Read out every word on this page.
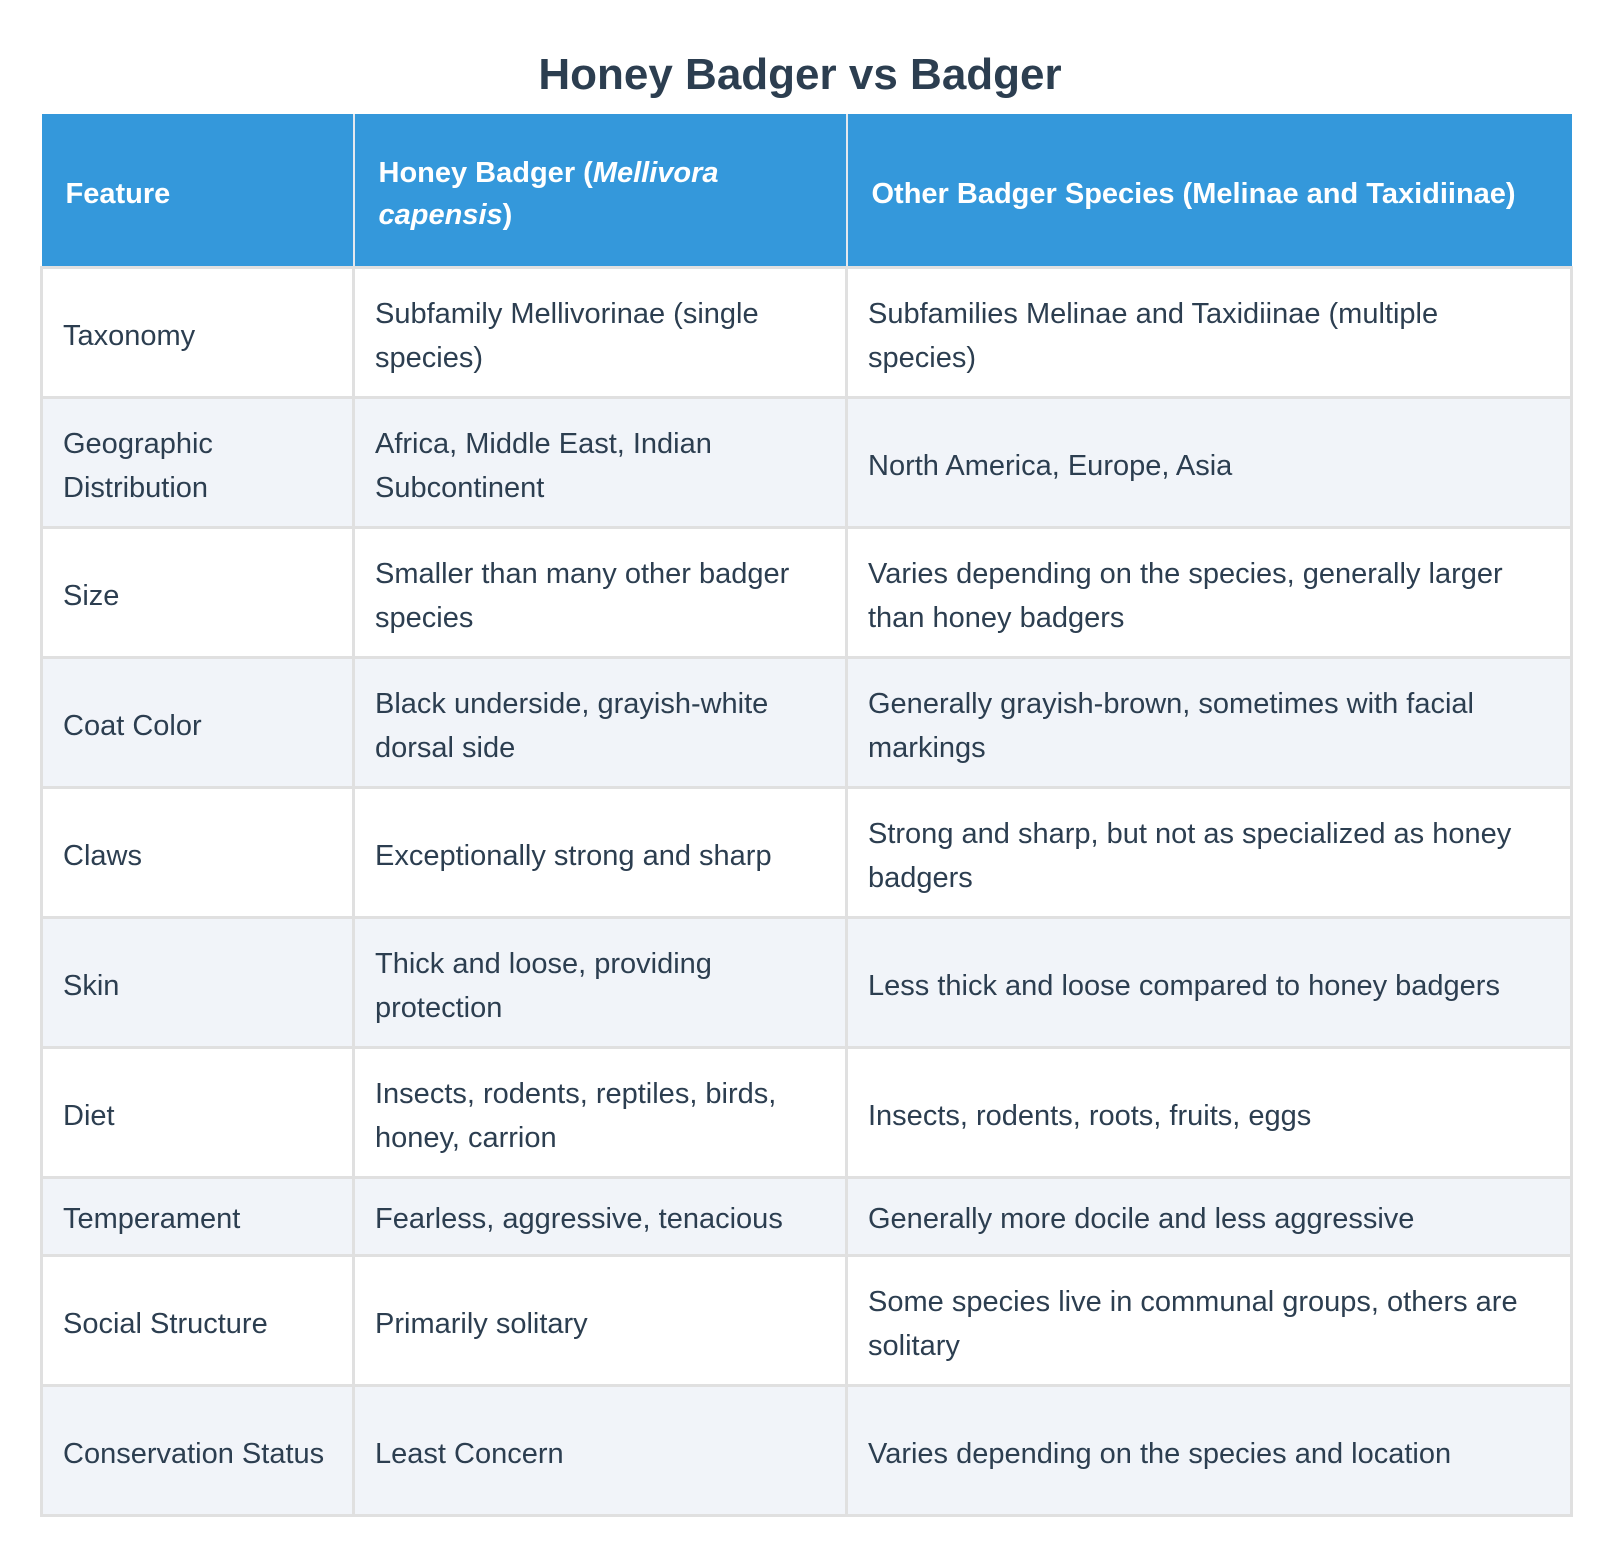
Honey Badger vs Badger
Feature	Honey Badger (Mellivora capensis)	Other Badger Species (Melinae and Taxidiinae)
Taxonomy	Subfamily Mellivorinae (single species)	Subfamilies Melinae and Taxidiinae (multiple species)
Geographic Distribution	Africa, Middle East, Indian Subcontinent	North America, Europe, Asia
Size	Smaller than many other badger species	Varies depending on the species, generally larger than honey badgers
Coat Color	Black underside, grayish-white dorsal side	Generally grayish-brown, sometimes with facial markings
Claws	Exceptionally strong and sharp	Strong and sharp, but not as specialized as honey badgers
Skin	Thick and loose, providing protection	Less thick and loose compared to honey badgers
Diet	Insects, rodents, reptiles, birds, honey, carrion	Insects, rodents, roots, fruits, eggs
Temperament	Fearless, aggressive, tenacious	Generally more docile and less aggressive
Social Structure	Primarily solitary	Some species live in communal groups, others are solitary
Conservation Status	Least Concern	Varies depending on the species and location
